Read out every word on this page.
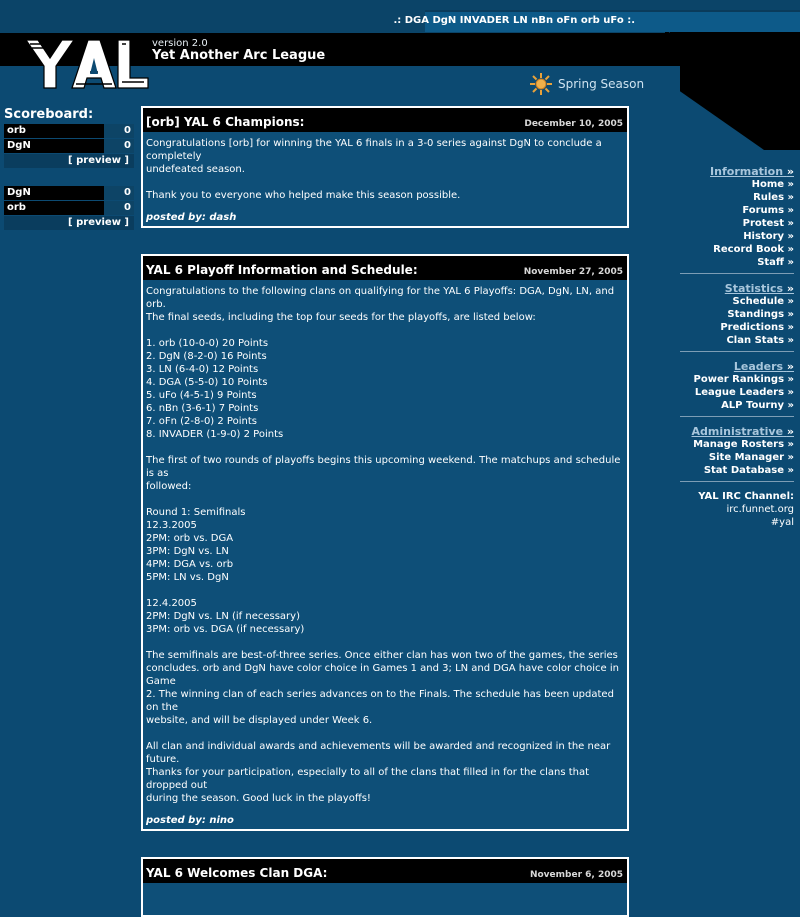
.: DGA DgN INVADER LN nBn oFn orb uFo :.
version 2.0
Yet Another Arc League
Spring Season
Scoreboard:
orb	0
DgN	0
[ preview ]
DgN	0
orb	0
[ preview ]
[orb] YAL 6 Champions:	December 10, 2005

Congratulations [orb] for winning the YAL 6 finals in a 3-0 series against DgN to conclude a completely
undefeated season.

Thank you to everyone who helped make this season possible.

posted by: dash
YAL 6 Playoff Information and Schedule:	November 27, 2005

Congratulations to the following clans on qualifying for the YAL 6 Playoffs: DGA, DgN, LN, and orb.
The final seeds, including the top four seeds for the playoffs, are listed below:

1. orb (10-0-0) 20 Points
2. DgN (8-2-0) 16 Points
3. LN (6-4-0) 12 Points
4. DGA (5-5-0) 10 Points
5. uFo (4-5-1) 9 Points
6. nBn (3-6-1) 7 Points
7. oFn (2-8-0) 2 Points
8. INVADER (1-9-0) 2 Points

The first of two rounds of playoffs begins this upcoming weekend. The matchups and schedule is as
followed:

Round 1: Semifinals
12.3.2005
2PM: orb vs. DGA
3PM: DgN vs. LN
4PM: DGA vs. orb
5PM: LN vs. DgN

12.4.2005
2PM: DgN vs. LN (if necessary)
3PM: orb vs. DGA (if necessary)

The semifinals are best-of-three series. Once either clan has won two of the games, the series
concludes. orb and DgN have color choice in Games 1 and 3; LN and DGA have color choice in Game
2. The winning clan of each series advances on to the Finals. The schedule has been updated on the
website, and will be displayed under Week 6.

All clan and individual awards and achievements will be awarded and recognized in the near future.
Thanks for your participation, especially to all of the clans that filled in for the clans that dropped out
during the season. Good luck in the playoffs!

posted by: nino
YAL 6 Welcomes Clan DGA:	November 6, 2005
Information »
Home »
Rules »
Forums »
Protest »
History »
Record Book »
Staff »
Statistics »
Schedule »
Standings »
Predictions »
Clan Stats »
Leaders »
Power Rankings »
League Leaders »
ALP Tourny »
Administrative »
Manage Rosters »
Site Manager »
Stat Database »
YAL IRC Channel:
irc.funnet.org
#yal
